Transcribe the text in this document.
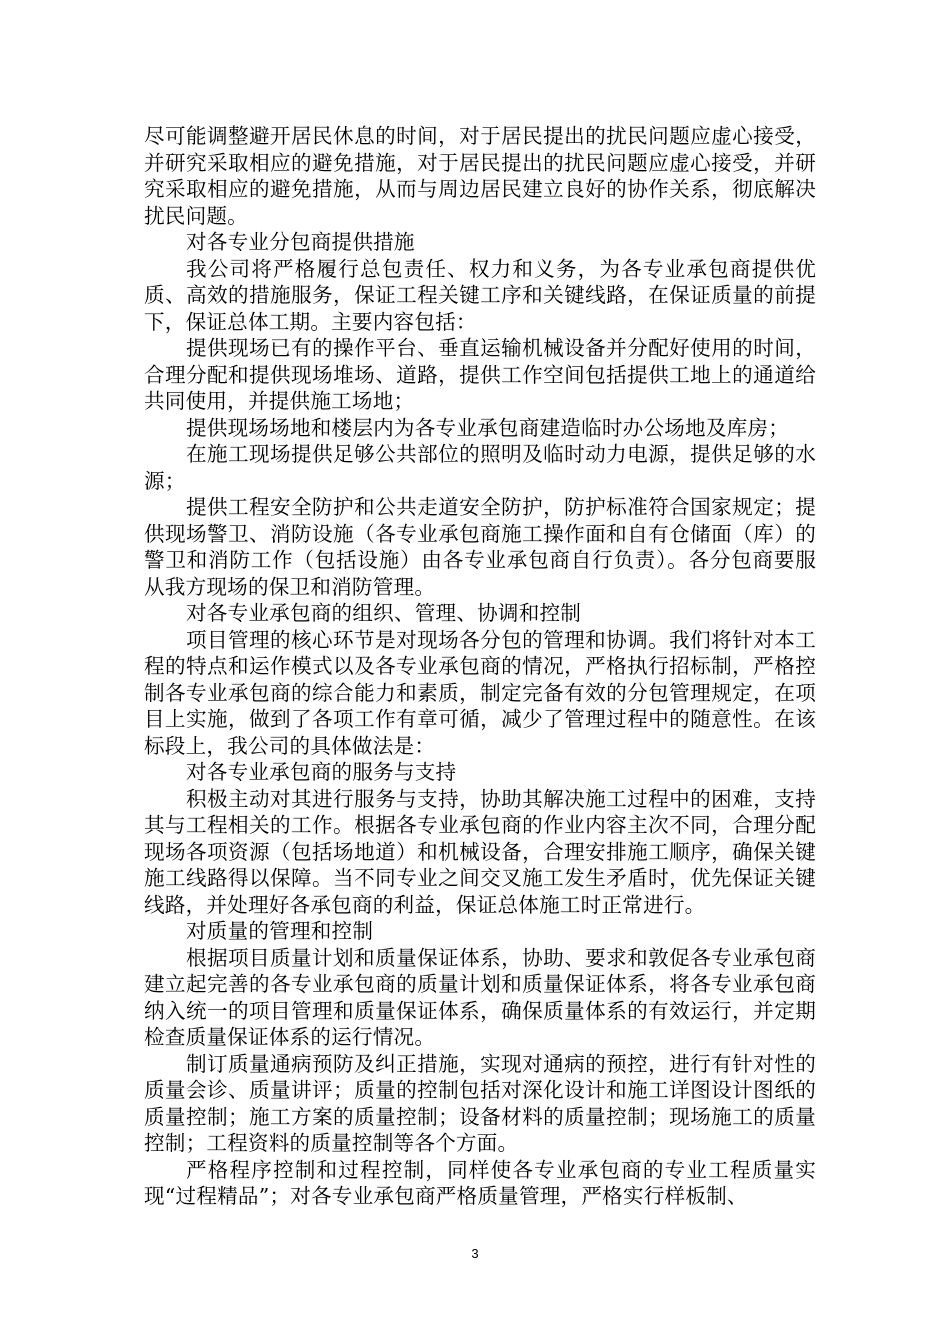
尽可能调整避开居民休息的时间，对于居民提出的扰民问题应虚心接受，并研究采取相应的避免措施，对于居民提出的扰民问题应虚心接受，并研究采取相应的避免措施，从而与周边居民建立良好的协作关系，彻底解决扰民问题。

对各专业分包商提供措施

我公司将严格履行总包责任、权力和义务，为各专业承包商提供优质、高效的措施服务，保证工程关键工序和关键线路，在保证质量的前提下，保证总体工期。主要内容包括：

提供现场已有的操作平台、垂直运输机械设备并分配好使用的时间，合理分配和提供现场堆场、道路，提供工作空间包括提供工地上的通道给共同使用，并提供施工场地；

提供现场场地和楼层内为各专业承包商建造临时办公场地及库房；

在施工现场提供足够公共部位的照明及临时动力电源，提供足够的水源；

提供工程安全防护和公共走道安全防护，防护标准符合国家规定；提供现场警卫、消防设施（各专业承包商施工操作面和自有仓储面（库）的警卫和消防工作（包括设施）由各专业承包商自行负责）。各分包商要服从我方现场的保卫和消防管理。

对各专业承包商的组织、管理、协调和控制

项目管理的核心环节是对现场各分包的管理和协调。我们将针对本工程的特点和运作模式以及各专业承包商的情况，严格执行招标制，严格控制各专业承包商的综合能力和素质，制定完备有效的分包管理规定，在项目上实施，做到了各项工作有章可循，减少了管理过程中的随意性。在该标段上，我公司的具体做法是：

对各专业承包商的服务与支持

积极主动对其进行服务与支持，协助其解决施工过程中的困难，支持其与工程相关的工作。根据各专业承包商的作业内容主次不同，合理分配现场各项资源（包括场地道）和机械设备，合理安排施工顺序，确保关键施工线路得以保障。当不同专业之间交叉施工发生矛盾时，优先保证关键线路，并处理好各承包商的利益，保证总体施工时正常进行。

对质量的管理和控制

根据项目质量计划和质量保证体系，协助、要求和敦促各专业承包商建立起完善的各专业承包商的质量计划和质量保证体系，将各专业承包商纳入统一的项目管理和质量保证体系，确保质量体系的有效运行，并定期检查质量保证体系的运行情况。

制订质量通病预防及纠正措施，实现对通病的预控，进行有针对性的质量会诊、质量讲评；质量的控制包括对深化设计和施工详图设计图纸的质量控制；施工方案的质量控制；设备材料的质量控制；现场施工的质量控制；工程资料的质量控制等各个方面。

严格程序控制和过程控制，同样使各专业承包商的专业工程质量实现“过程精品”；对各专业承包商严格质量管理，严格实行样板制、

3
